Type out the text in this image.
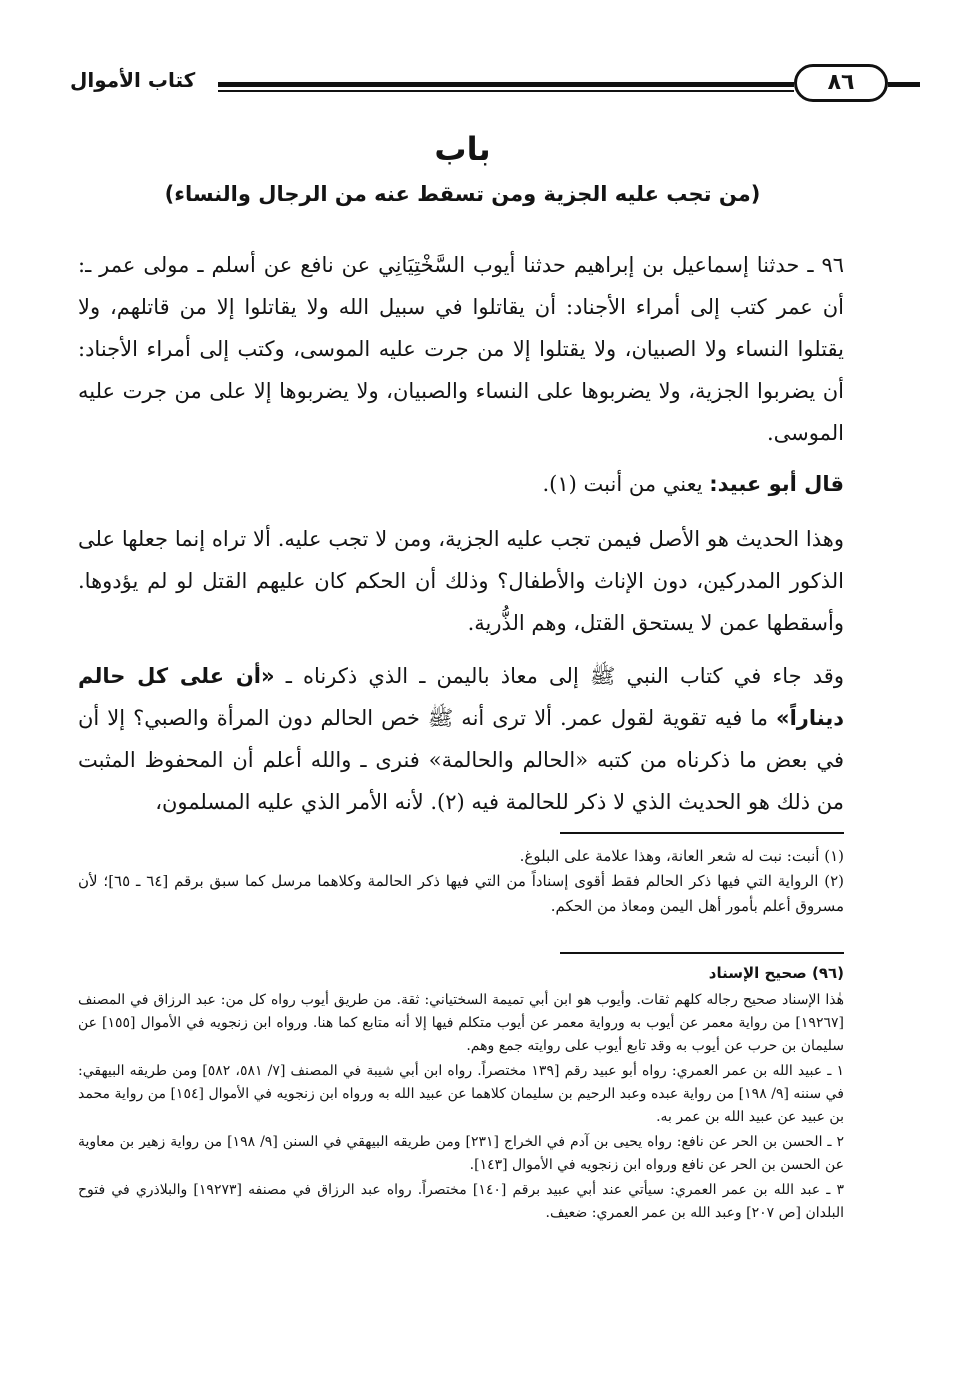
كتاب الأموال	٨٦
باب
(من تجب عليه الجزية ومن تسقط عنه من الرجال والنساء)
٩٦ ـ حدثنا إسماعيل بن إبراهيم حدثنا أيوب السَّخْتِيَانِي عن نافع عن أسلم ـ مولى عمر ـ: أن عمر كتب إلى أمراء الأجناد: أن يقاتلوا في سبيل الله ولا يقاتلوا إلا من قاتلهم، ولا يقتلوا النساء ولا الصبيان، ولا يقتلوا إلا من جرت عليه الموسى، وكتب إلى أمراء الأجناد: أن يضربوا الجزية، ولا يضربوها على النساء والصبيان، ولا يضربوها إلا على من جرت عليه الموسى.
قال أبو عبيد: يعني من أنبت (١).
وهذا الحديث هو الأصل فيمن تجب عليه الجزية، ومن لا تجب عليه. ألا تراه إنما جعلها على الذكور المدركين، دون الإناث والأطفال؟ وذلك أن الحكم كان عليهم القتل لو لم يؤدوها. وأسقطها عمن لا يستحق القتل، وهم الذُّرية.
وقد جاء في كتاب النبي ﷺ إلى معاذ باليمن ـ الذي ذكرناه ـ «أن على كل حالم ديناراً» ما فيه تقوية لقول عمر. ألا ترى أنه ﷺ خص الحالم دون المرأة والصبي؟ إلا أن في بعض ما ذكرناه من كتبه «الحالم والحالمة» فنرى ـ والله أعلم أن المحفوظ المثبت من ذلك هو الحديث الذي لا ذكر للحالمة فيه (٢). لأنه الأمر الذي عليه المسلمون،

(١) أنبت: نبت له شعر العانة، وهذا علامة على البلوغ.

(٢) الرواية التي فيها ذكر الحالم فقط أقوى إسناداً من التي فيها ذكر الحالمة وكلاهما مرسل كما سبق برقم [٦٤ ـ ٦٥]؛ لأن مسروق أعلم بأمور أهل اليمن ومعاذ من الحكم.

(٩٦) صحيح الإسناد

هٰذا الإسناد صحيح رجاله كلهم ثقات. وأيوب هو ابن أبي تميمة السختياني: ثقة. من طريق أيوب رواه كل من: عبد الرزاق في المصنف [١٩٢٦٧] من رواية معمر عن أيوب به ورواية معمر عن أيوب متكلم فيها إلا أنه متابع كما هنا. ورواه ابن زنجويه في الأموال [١٥٥] عن سليمان بن حرب عن أيوب به وقد تابع أيوب على روايته جمع وهم.

١ ـ عبيد الله بن عمر العمري: رواه أبو عبيد رقم [١٣٩ مختصراً. رواه ابن أبي شيبة في المصنف [٧/ ٥٨١، ٥٨٢] ومن طريقه البيهقي: في سننه [٩/ ١٩٨] من رواية عبده وعبد الرحيم بن سليمان كلاهما عن عبيد الله به ورواه ابن زنجويه في الأموال [١٥٤] من رواية محمد بن عبيد عن عبيد الله بن عمر به.

٢ ـ الحسن بن الحر عن نافع: رواه يحيى بن آدم في الخراج [٢٣١] ومن طريقه البيهقي في السنن [٩/ ١٩٨] من رواية زهير بن معاوية عن الحسن بن الحر عن نافع ورواه ابن زنجويه في الأموال [١٤٣].

٣ ـ عبد الله بن عمر العمري: سيأتي عند أبي عبيد برقم [١٤٠] مختصراً. رواه عبد الرزاق في مصنفه [١٩٢٧٣] والبلاذري في فتوح البلدان [ص ٢٠٧] وعبد الله بن عمر العمري: ضعيف.
